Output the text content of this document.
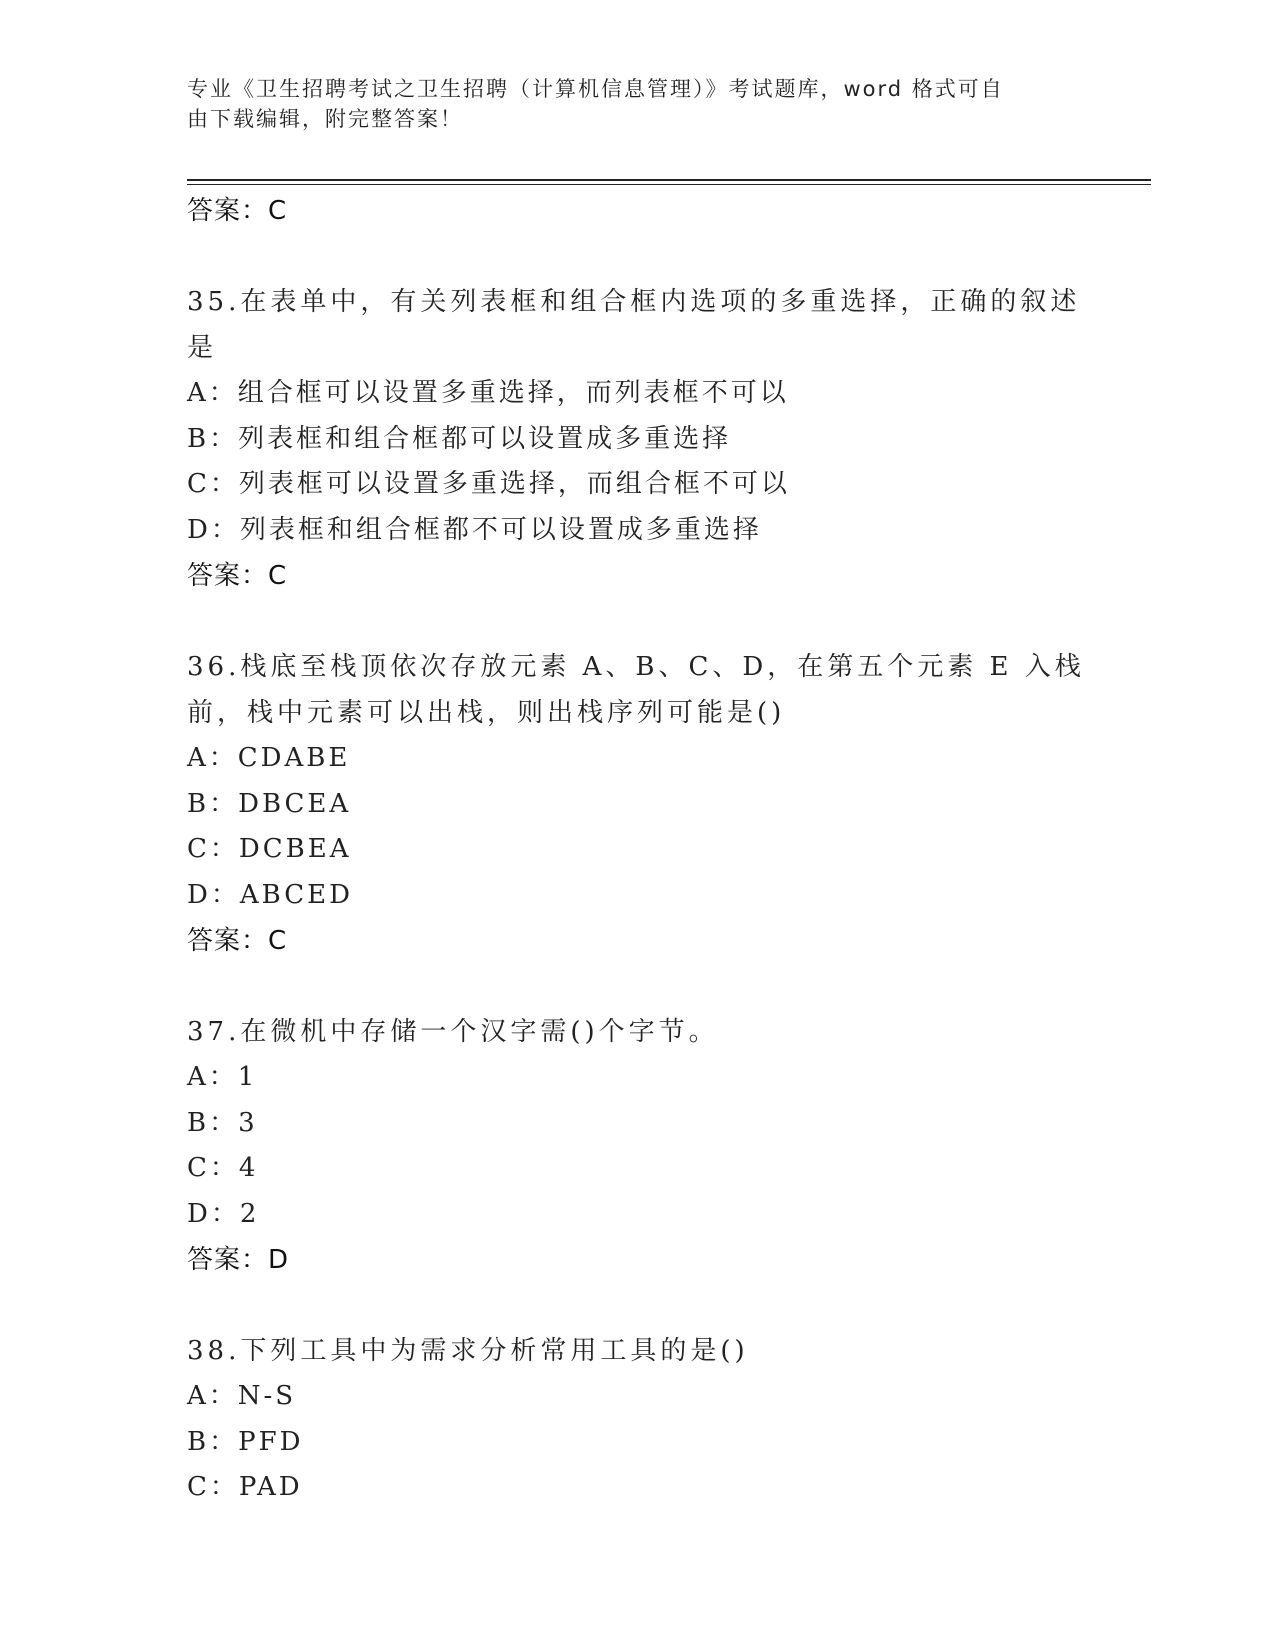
专业《卫生招聘考试之卫生招聘（计算机信息管理）》考试题库，word 格式可自
由下载编辑，附完整答案！
答案：C
35.在表单中，有关列表框和组合框内选项的多重选择，正确的叙述是
A：组合框可以设置多重选择，而列表框不可以
B：列表框和组合框都可以设置成多重选择
C：列表框可以设置多重选择，而组合框不可以
D：列表框和组合框都不可以设置成多重选择
答案：C
36.栈底至栈顶依次存放元素 A、B、C、D，在第五个元素 E 入栈前，栈中元素可以出栈，则出栈序列可能是()
A：CDABE
B：DBCEA
C：DCBEA
D：ABCED
答案：C
37.在微机中存储一个汉字需()个字节。
A：1
B：3
C：4
D：2
答案：D
38.下列工具中为需求分析常用工具的是()
A：N-S
B：PFD
C：PAD
